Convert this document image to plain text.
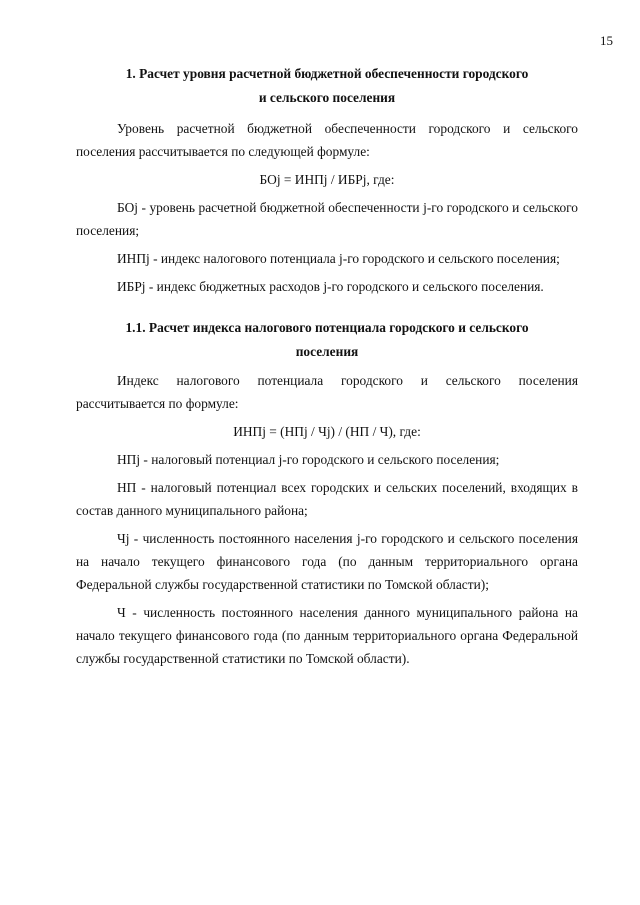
15
1. Расчет уровня расчетной бюджетной обеспеченности городского
и сельского поселения

Уровень расчетной бюджетной обеспеченности городского и сельского поселения рассчитывается по следующей формуле:

БОj = ИНПj / ИБРj, где:

БОj - уровень расчетной бюджетной обеспеченности j-го городского и сельского поселения;

ИНПj - индекс налогового потенциала j-го городского и сельского поселения;

ИБРj - индекс бюджетных расходов j-го городского и сельского поселения.

1.1. Расчет индекса налогового потенциала городского и сельского
поселения

Индекс налогового потенциала городского и сельского поселения рассчитывается по формуле:

ИНПj = (НПj / Чj) / (НП / Ч), где:

НПj - налоговый потенциал j-го городского и сельского поселения;

НП - налоговый потенциал всех городских и сельских поселений, входящих в состав данного муниципального района;

Чj - численность постоянного населения j-го городского и сельского поселения на начало текущего финансового года (по данным территориального органа Федеральной службы государственной статистики по Томской области);

Ч - численность постоянного населения данного муниципального района на начало текущего финансового года (по данным территориального органа Федеральной службы государственной статистики по Томской области).
